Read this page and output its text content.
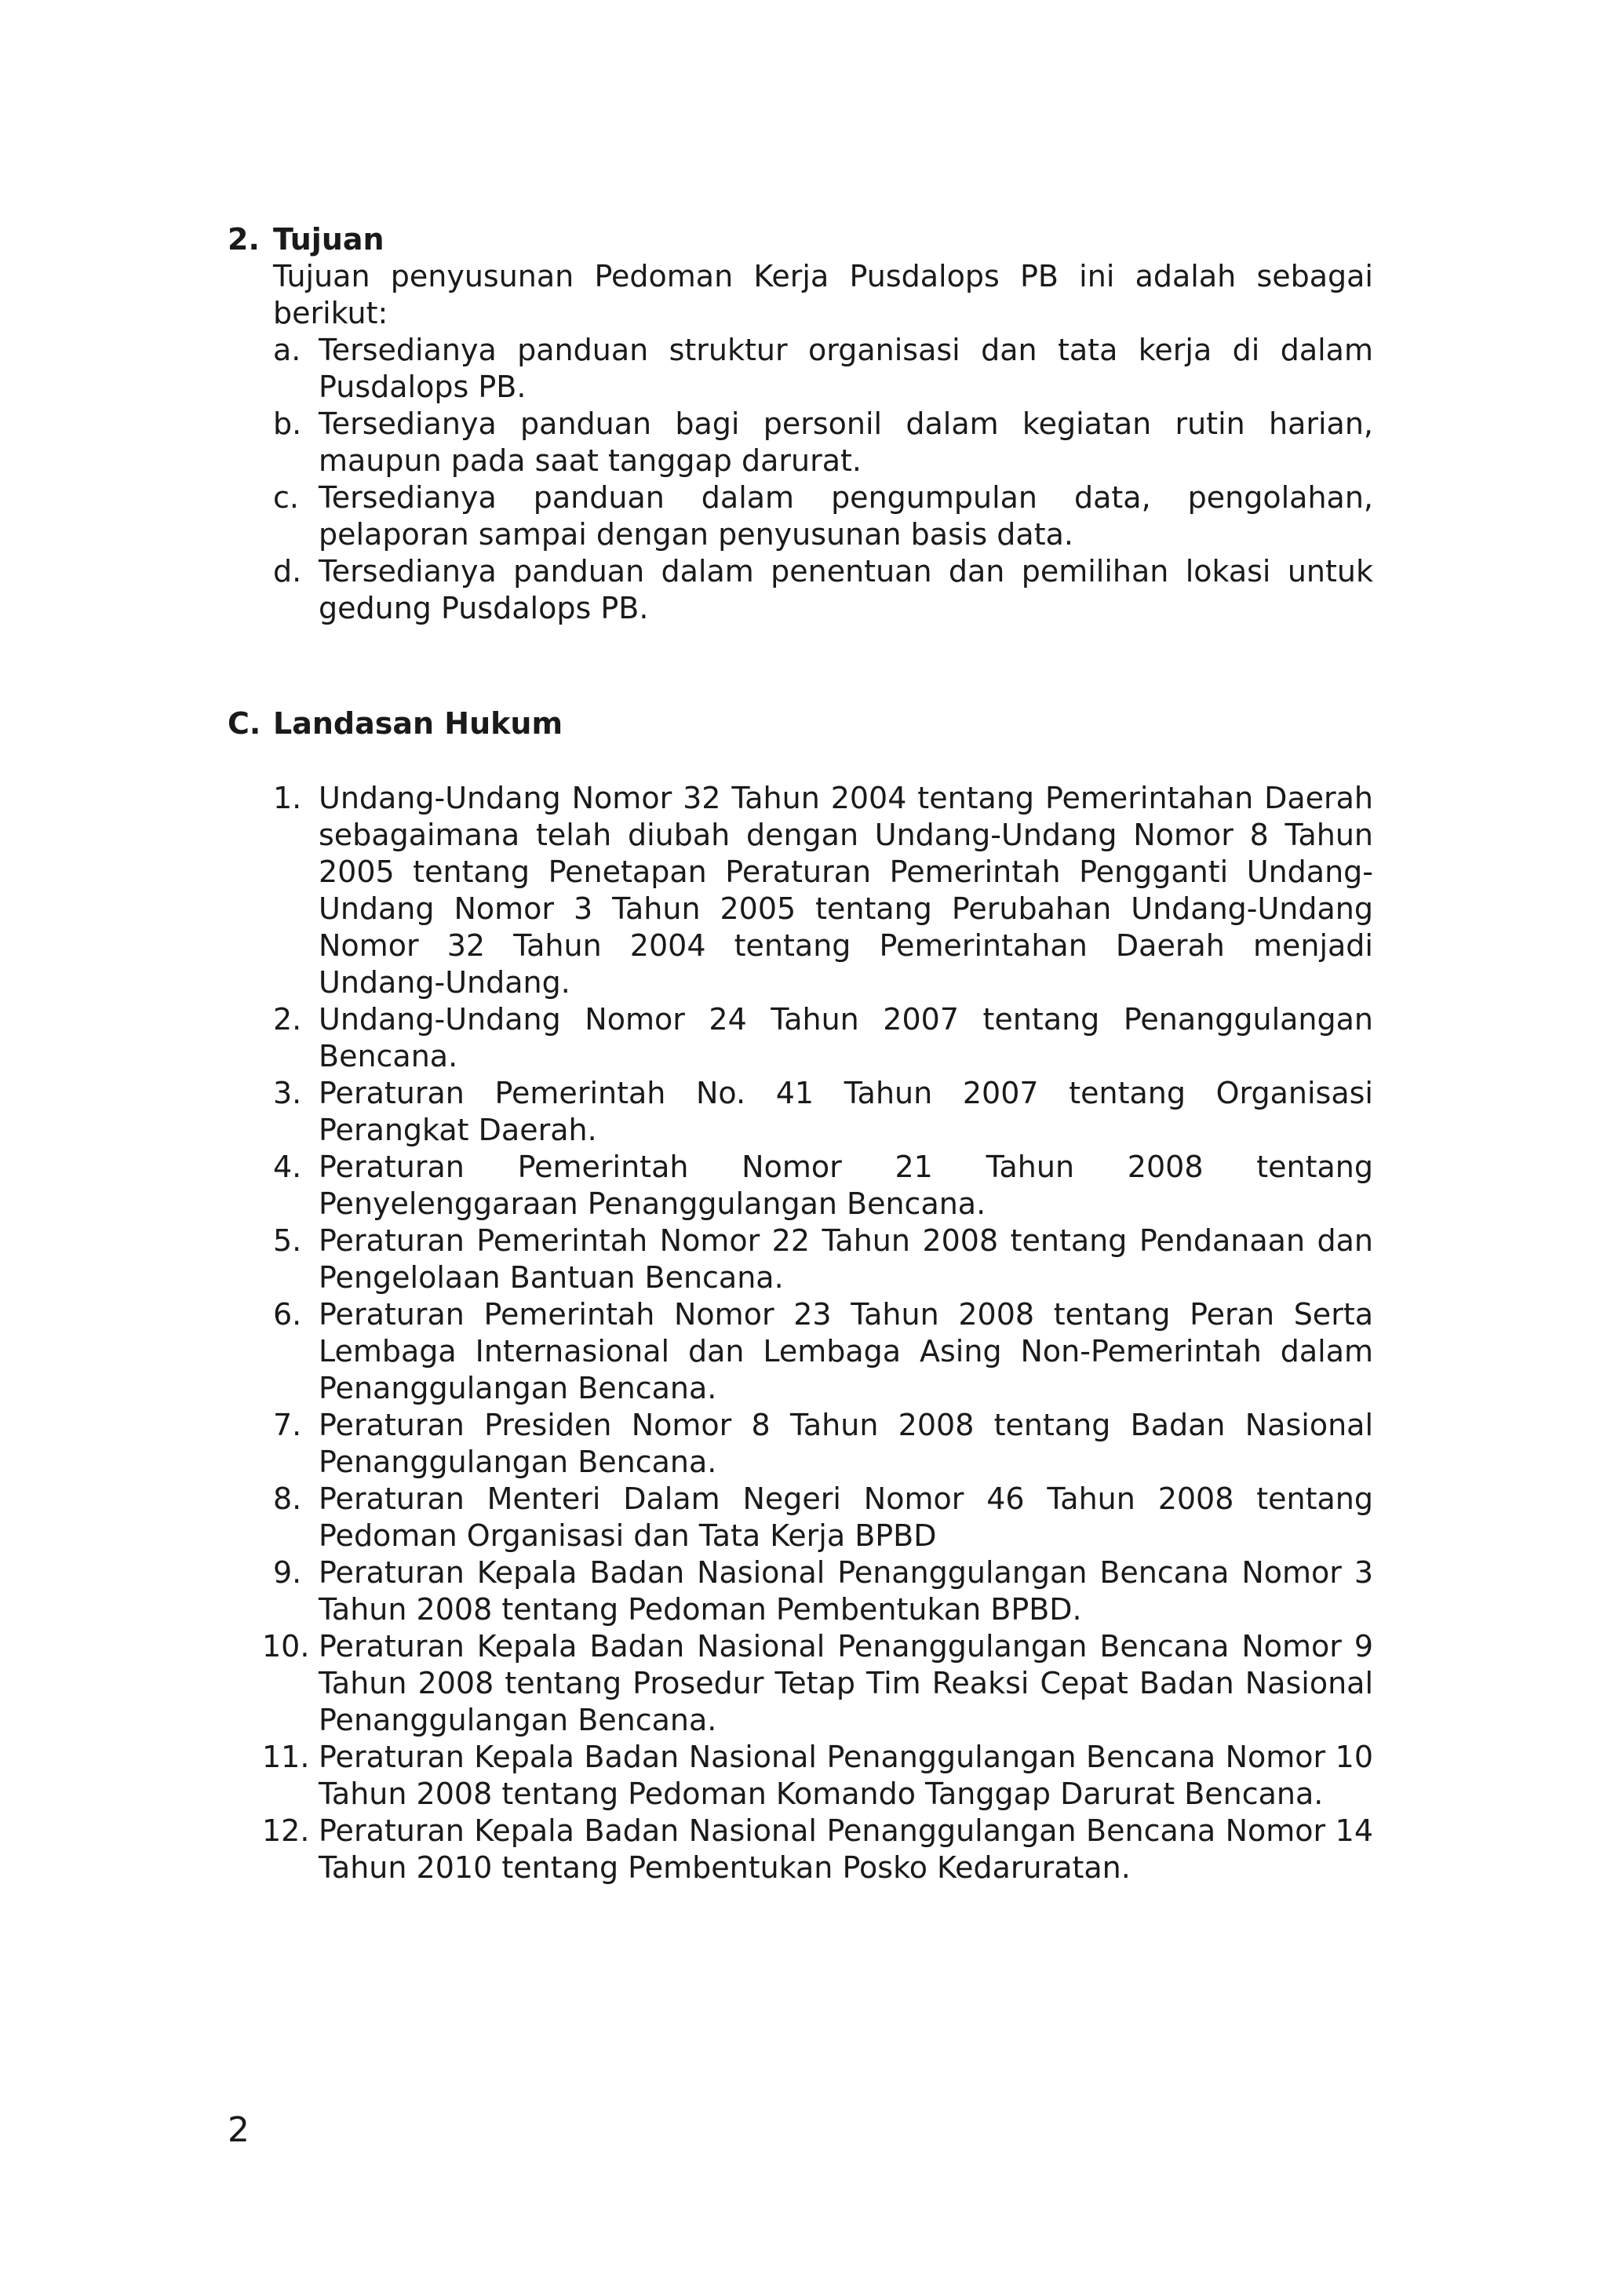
2. Tujuan
Tujuan penyusunan Pedoman Kerja Pusdalops PB ini adalah sebagai berikut:
a. Tersedianya panduan struktur organisasi dan tata kerja di dalam Pusdalops PB.
b. Tersedianya panduan bagi personil dalam kegiatan rutin harian, maupun pada saat tanggap darurat.
c. Tersedianya panduan dalam pengumpulan data, pengolahan, pelaporan sampai dengan penyusunan basis data.
d. Tersedianya panduan dalam penentuan dan pemilihan lokasi untuk gedung Pusdalops PB.
C. Landasan Hukum
1. Undang-Undang Nomor 32 Tahun 2004 tentang Pemerintahan Daerah sebagaimana telah diubah dengan Undang-Undang Nomor 8 Tahun 2005 tentang Penetapan Peraturan Pemerintah Pengganti Undang-Undang Nomor 3 Tahun 2005 tentang Perubahan Undang-Undang Nomor 32 Tahun 2004 tentang Pemerintahan Daerah menjadi Undang-Undang.
2. Undang-Undang Nomor 24 Tahun 2007 tentang Penanggulangan Bencana.
3. Peraturan Pemerintah No. 41 Tahun 2007 tentang Organisasi Perangkat Daerah.
4. Peraturan Pemerintah Nomor 21 Tahun 2008 tentang Penyelenggaraan Penanggulangan Bencana.
5. Peraturan Pemerintah Nomor 22 Tahun 2008 tentang Pendanaan dan Pengelolaan Bantuan Bencana.
6. Peraturan Pemerintah Nomor 23 Tahun 2008 tentang Peran Serta Lembaga Internasional dan Lembaga Asing Non-Pemerintah dalam Penanggulangan Bencana.
7. Peraturan Presiden Nomor 8 Tahun 2008 tentang Badan Nasional Penanggulangan Bencana.
8. Peraturan Menteri Dalam Negeri Nomor 46 Tahun 2008 tentang Pedoman Organisasi dan Tata Kerja BPBD
9. Peraturan Kepala Badan Nasional Penanggulangan Bencana Nomor 3 Tahun 2008 tentang Pedoman Pembentukan BPBD.
10. Peraturan Kepala Badan Nasional Penanggulangan Bencana Nomor 9 Tahun 2008 tentang Prosedur Tetap Tim Reaksi Cepat Badan Nasional Penanggulangan Bencana.
11. Peraturan Kepala Badan Nasional Penanggulangan Bencana Nomor 10 Tahun 2008 tentang Pedoman Komando Tanggap Darurat Bencana.
12. Peraturan Kepala Badan Nasional Penanggulangan Bencana Nomor 14 Tahun 2010 tentang Pembentukan Posko Kedaruratan.
2
